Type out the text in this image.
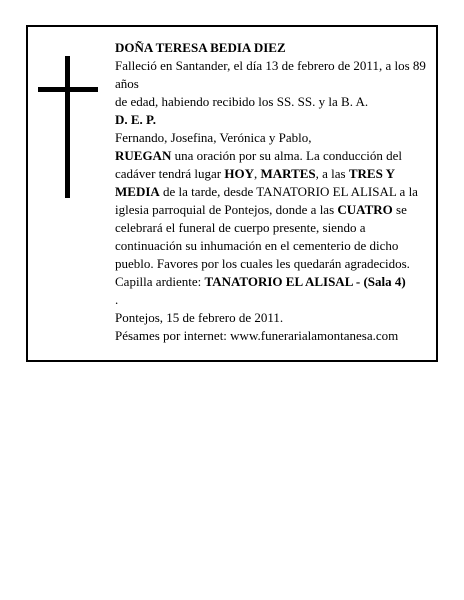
DOÑA TERESA BEDIA DIEZ

Falleció en Santander, el día 13 de febrero de 2011, a los 89 años

de edad, habiendo recibido los SS. SS. y la B. A.

D. E. P.

Fernando, Josefina, Verónica y Pablo,

RUEGAN una oración por su alma. La conducción del cadáver tendrá lugar HOY, MARTES, a las TRES Y MEDIA de la tarde, desde TANATORIO EL ALISAL a la iglesia parroquial de Pontejos, donde a las CUATRO se celebrará el funeral de cuerpo presente, siendo a continuación su inhumación en el cementerio de dicho pueblo. Favores por los cuales les quedarán agradecidos.

Capilla ardiente: TANATORIO EL ALISAL - (Sala 4)

.

Pontejos, 15 de febrero de 2011.

Pésames por internet: www.funerarialamontanesa.com
